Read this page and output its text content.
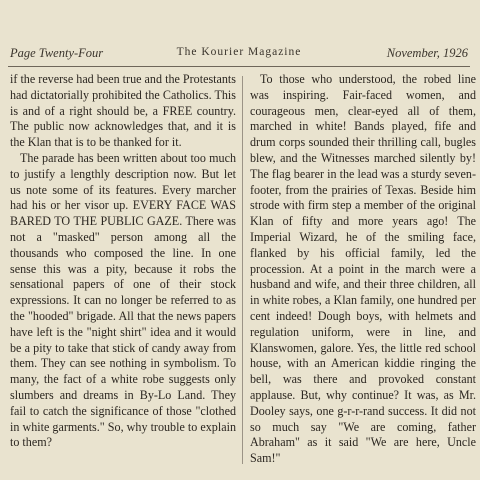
Page Twenty-Four	The Kourier Magazine	November, 1926

if the reverse had been true and the Protestants had dictatorially prohibited the Catholics. This is and of a right should be, a FREE country. The public now acknowledges that, and it is the Klan that is to be thanked for it.

The parade has been written about too much to justify a lengthly description now. But let us note some of its features. Every marcher had his or her visor up. EVERY FACE WAS BARED TO THE PUBLIC GAZE. There was not a "masked" person among all the thousands who composed the line. In one sense this was a pity, because it robs the sensational papers of one of their stock expressions. It can no longer be referred to as the "hooded" brigade. All that the news papers have left is the "night shirt" idea and it would be a pity to take that stick of candy away from them. They can see nothing in symbolism. To many, the fact of a white robe suggests only slumbers and dreams in By-Lo Land. They fail to catch the significance of those "clothed in white garments." So, why trouble to explain to them?

To those who understood, the robed line was inspiring. Fair-faced women, and courageous men, clear-eyed all of them, marched in white! Bands played, fife and drum corps sounded their thrilling call, bugles blew, and the Witnesses marched silently by! The flag bearer in the lead was a sturdy seven-footer, from the prairies of Texas. Beside him strode with firm step a member of the original Klan of fifty and more years ago! The Imperial Wizard, he of the smiling face, flanked by his official family, led the procession. At a point in the march were a husband and wife, and their three children, all in white robes, a Klan family, one hundred per cent indeed! Dough boys, with helmets and regulation uniform, were in line, and Klanswomen, galore. Yes, the little red school house, with an American kiddie ringing the bell, was there and provoked constant applause. But, why continue? It was, as Mr. Dooley says, one g-r-r-rand success. It did not so much say "We are coming, father Abraham" as it said "We are here, Uncle Sam!"
